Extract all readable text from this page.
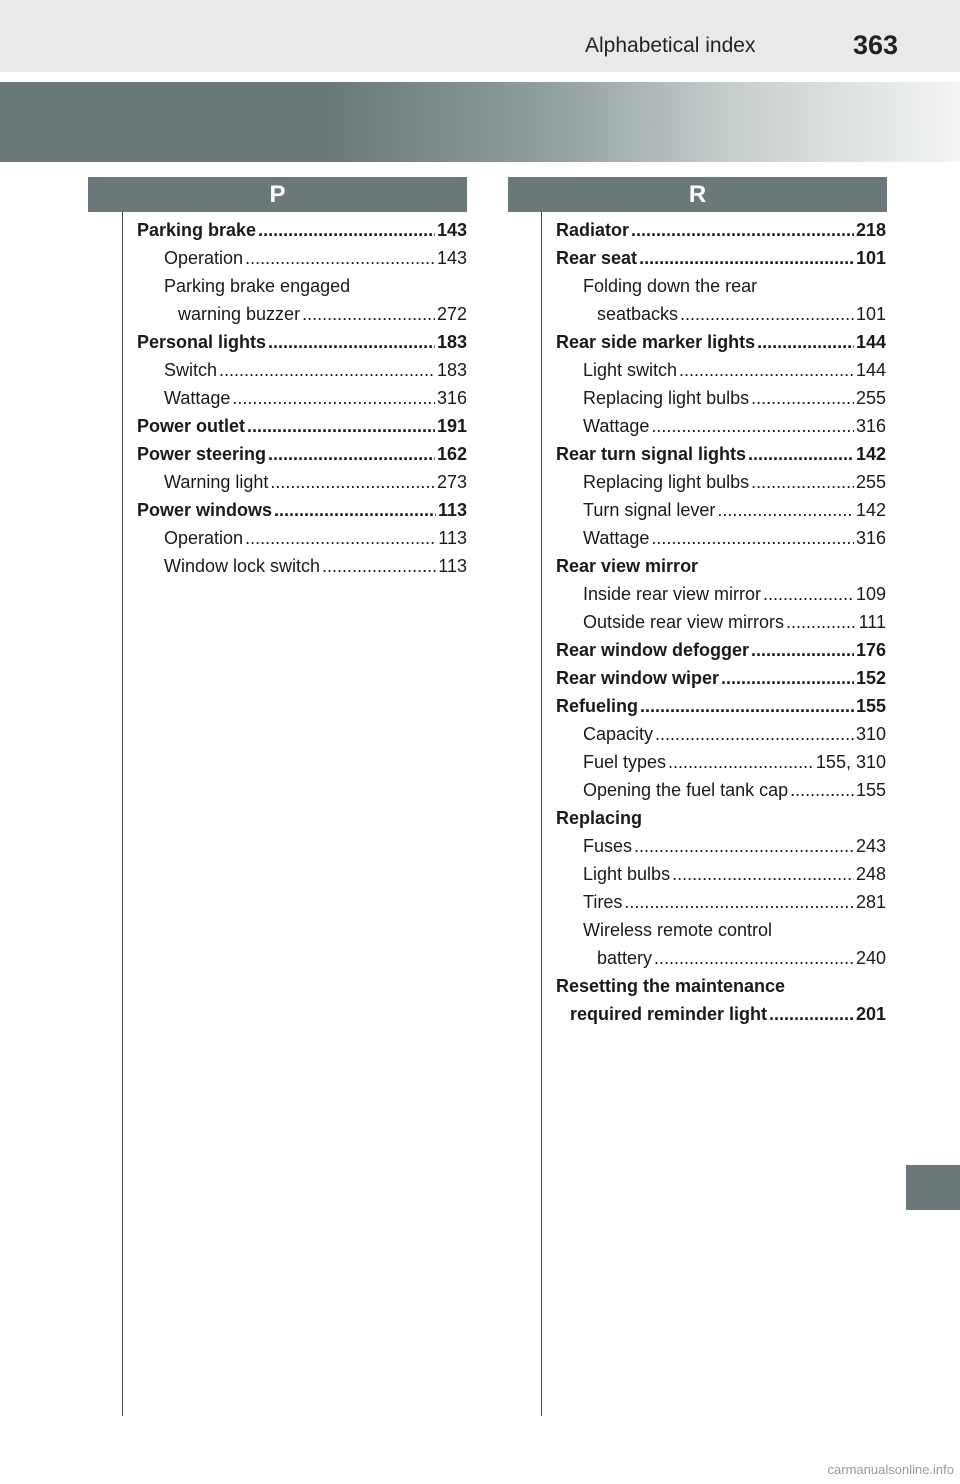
Alphabetical index	363
P	R
Parking brake .....	143
Operation .....	143
Parking brake engaged
warning buzzer .....	272
Personal lights .....	183
Switch .....	183
Wattage .....	316
Power outlet .....	191
Power steering .....	162
Warning light .....	273
Power windows .....	113
Operation .....	113
Window lock switch .....	113
Radiator .....	218
Rear seat .....	101
Folding down the rear
seatbacks .....	101
Rear side marker lights .....	144
Light switch .....	144
Replacing light bulbs .....	255
Wattage .....	316
Rear turn signal lights .....	142
Replacing light bulbs .....	255
Turn signal lever .....	142
Wattage .....	316
Rear view mirror
Inside rear view mirror .....	109
Outside rear view mirrors .....	111
Rear window defogger .....	176
Rear window wiper .....	152
Refueling .....	155
Capacity .....	310
Fuel types .....	155, 310
Opening the fuel tank cap .....	155
Replacing
Fuses .....	243
Light bulbs .....	248
Tires .....	281
Wireless remote control
battery .....	240
Resetting the maintenance
required reminder light .....	201
carmanualsonline.info
